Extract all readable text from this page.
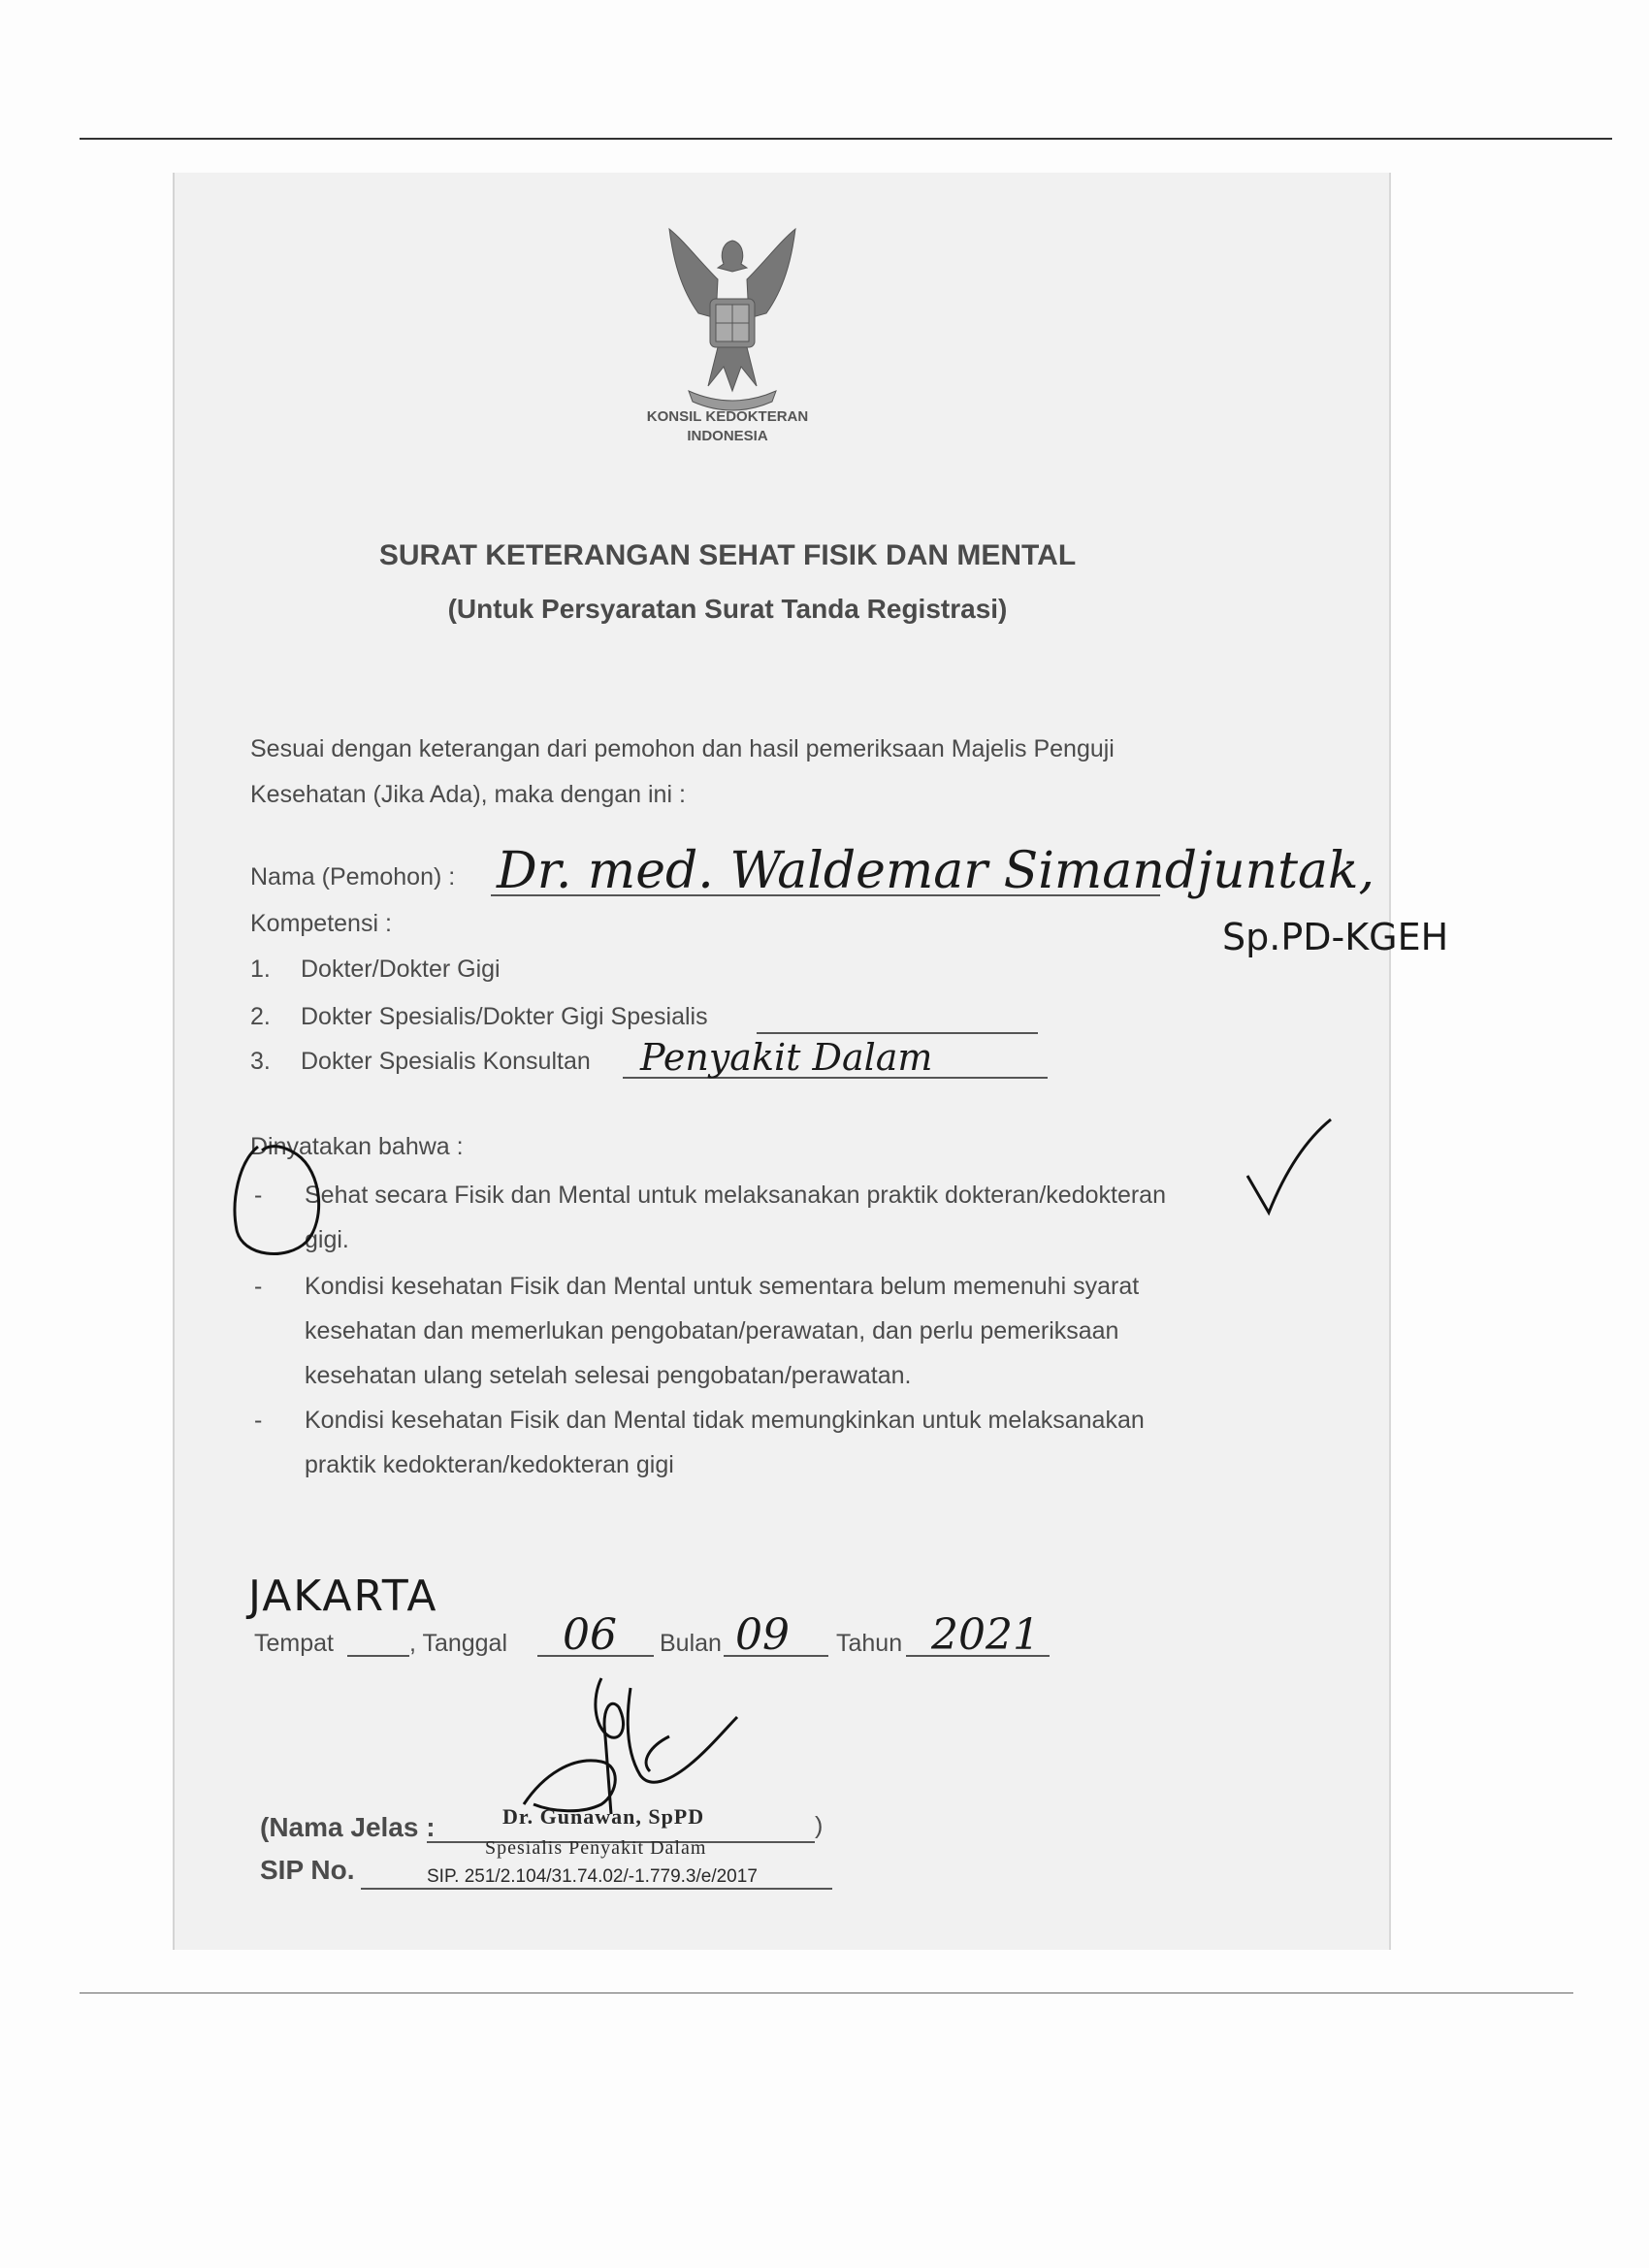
KONSIL KEDOKTERAN
INDONESIA
SURAT KETERANGAN SEHAT FISIK DAN MENTAL
(Untuk Persyaratan Surat Tanda Registrasi)
Sesuai dengan keterangan dari pemohon dan hasil pemeriksaan Majelis Penguji
Kesehatan (Jika Ada), maka dengan ini :
Nama (Pemohon) : Dr. med. Waldemar Simandjuntak,
Sp.PD-KGEH
Kompetensi :
1. Dokter/Dokter Gigi
2. Dokter Spesialis/Dokter Gigi Spesialis
3. Dokter Spesialis Konsultan Penyakit Dalam
Dinyatakan bahwa :
- Sehat secara Fisik dan Mental untuk melaksanakan praktik dokteran/kedokteran
gigi.
- Kondisi kesehatan Fisik dan Mental untuk sementara belum memenuhi syarat
kesehatan dan memerlukan pengobatan/perawatan, dan perlu pemeriksaan
kesehatan ulang setelah selesai pengobatan/perawatan.
- Kondisi kesehatan Fisik dan Mental tidak memungkinkan untuk melaksanakan
praktik kedokteran/kedokteran gigi
JAKARTA
Tempat	, Tanggal 06 Bulan 09 Tahun 2021
(Nama Jelas :	)
Dr. Gunawan, SpPD
Spesialis Penyakit Dalam
SIP No.	SIP. 251/2.104/31.74.02/-1.779.3/e/2017
